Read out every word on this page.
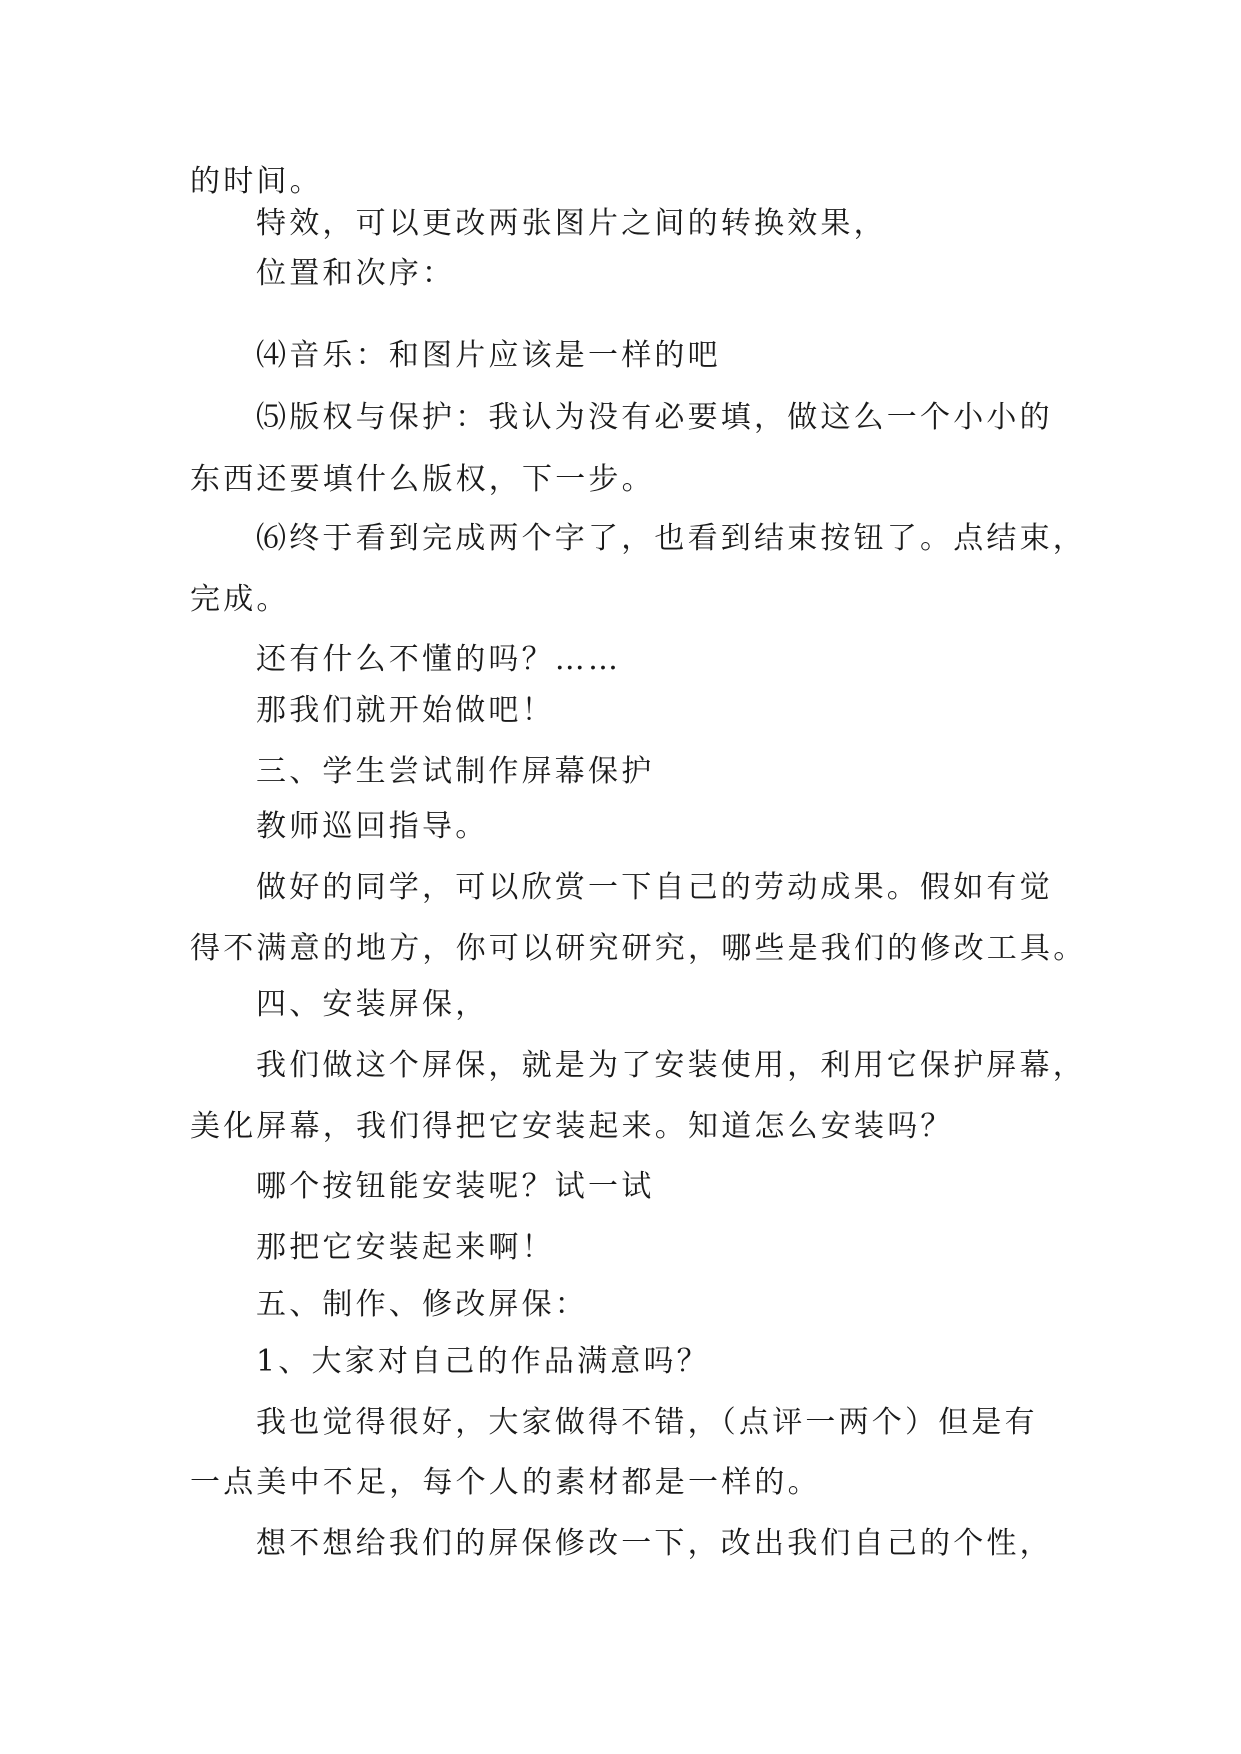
的时间。
特效，可以更改两张图片之间的转换效果，
位置和次序：
⑷音乐：和图片应该是一样的吧
⑸版权与保护：我认为没有必要填，做这么一个小小的
东西还要填什么版权，下一步。
⑹终于看到完成两个字了，也看到结束按钮了。点结束，
完成。
还有什么不懂的吗？……
那我们就开始做吧！
三、学生尝试制作屏幕保护
教师巡回指导。
做好的同学，可以欣赏一下自己的劳动成果。假如有觉
得不满意的地方，你可以研究研究，哪些是我们的修改工具。
四、安装屏保，
我们做这个屏保，就是为了安装使用，利用它保护屏幕，
美化屏幕，我们得把它安装起来。知道怎么安装吗？
哪个按钮能安装呢？试一试
那把它安装起来啊！
五、制作、修改屏保：
1、大家对自己的作品满意吗？
我也觉得很好，大家做得不错，（点评一两个）但是有
一点美中不足，每个人的素材都是一样的。
想不想给我们的屏保修改一下，改出我们自己的个性，
